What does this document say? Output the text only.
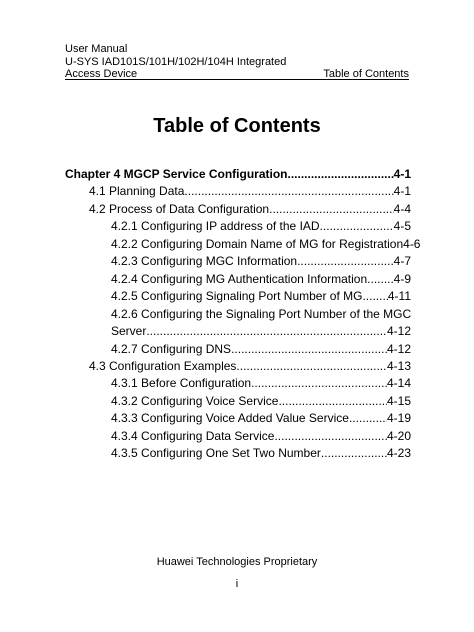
User Manual
U-SYS IAD101S/101H/102H/104H Integrated
Access Device	Table of Contents
Table of Contents
Chapter 4 MGCP Service Configuration .....	4-1
4.1 Planning Data .....	4-1
4.2 Process of Data Configuration .....	4-4
4.2.1 Configuring IP address of the IAD .....	4-5
4.2.2 Configuring Domain Name of MG for Registration 4-6
4.2.3 Configuring MGC Information .....	4-7
4.2.4 Configuring MG Authentication Information ..... 4-9
4.2.5 Configuring Signaling Port Number of MG ..... 4-11
4.2.6 Configuring the Signaling Port Number of the MGC
Server .....	4-12
4.2.7 Configuring DNS .....	4-12
4.3 Configuration Examples .....	4-13
4.3.1 Before Configuration .....	4-14
4.3.2 Configuring Voice Service .....	4-15
4.3.3 Configuring Voice Added Value Service .....	4-19
4.3.4 Configuring Data Service .....	4-20
4.3.5 Configuring One Set Two Number .....	4-23
Huawei Technologies Proprietary
i
